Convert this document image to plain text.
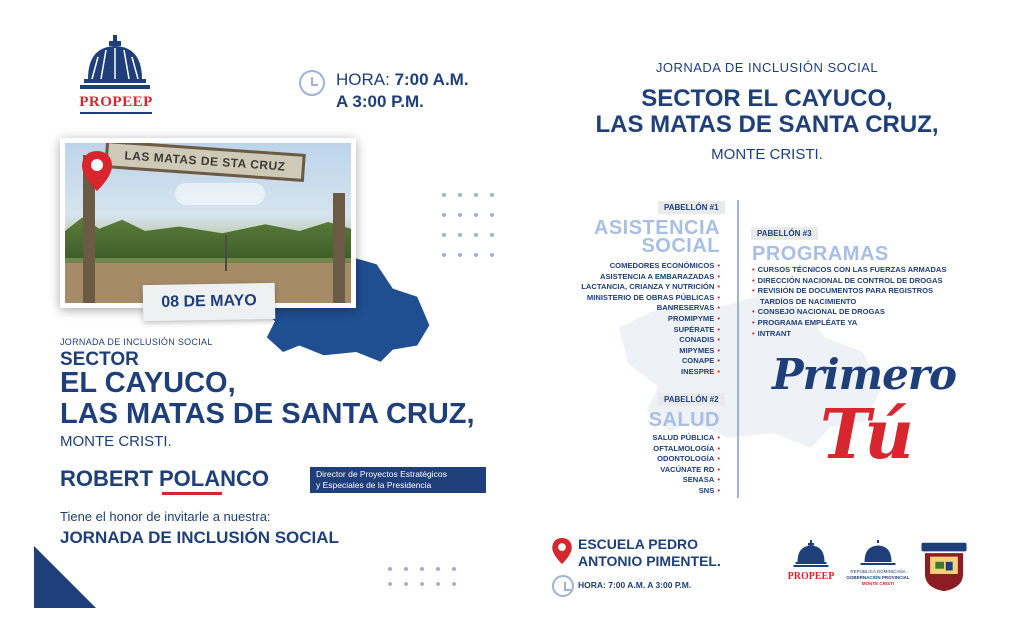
PROPEEP
HORA: 7:00 A.M.
A 3:00 P.M.
LAS MATAS DE STA CRUZ
08 DE MAYO
JORNADA DE INCLUSIÓN SOCIAL
SECTOR
EL CAYUCO,
LAS MATAS DE SANTA CRUZ,
MONTE CRISTI.
ROBERT POLANCO	Director de Proyectos Estratégicos
y Especiales de la Presidencia
Tiene el honor de invitarle a nuestra:
JORNADA DE INCLUSIÓN SOCIAL
JORNADA DE INCLUSIÓN SOCIAL
SECTOR EL CAYUCO,
LAS MATAS DE SANTA CRUZ,
MONTE CRISTI.
PABELLÓN #1
ASISTENCIA
SOCIAL
COMEDORES ECONÓMICOS •
ASISTENCIA A EMBARAZADAS •
LACTANCIA, CRIANZA Y NUTRICIÓN •
MINISTERIO DE OBRAS PÚBLICAS •
BANRESERVAS •
PROMIPYME •
SUPÉRATE •
CONADIS •
MIPYMES •
CONAPE •
INESPRE •
PABELLÓN #2
SALUD
SALUD PÚBLICA •
OFTALMOLOGÍA •
ODONTOLOGÍA •
VACÚNATE RD •
SENASA •
SNS •
PABELLÓN #3
PROGRAMAS
• CURSOS TÉCNICOS CON LAS FUERZAS ARMADAS
• DIRECCIÓN NACIONAL DE CONTROL DE DROGAS
• REVISIÓN DE DOCUMENTOS PARA REGISTROS
TARDÍOS DE NACIMIENTO
• CONSEJO NACIONAL DE DROGAS
• PROGRAMA EMPLÉATE YA
• INTRANT
Primero
Tú
ESCUELA PEDRO
ANTONIO PIMENTEL.
HORA: 7:00 A.M. A 3:00 P.M.
PROPEEP	REPÚBLICA DOMINICANA
GOBERNACIÓN PROVINCIAL
MONTE CRISTI
